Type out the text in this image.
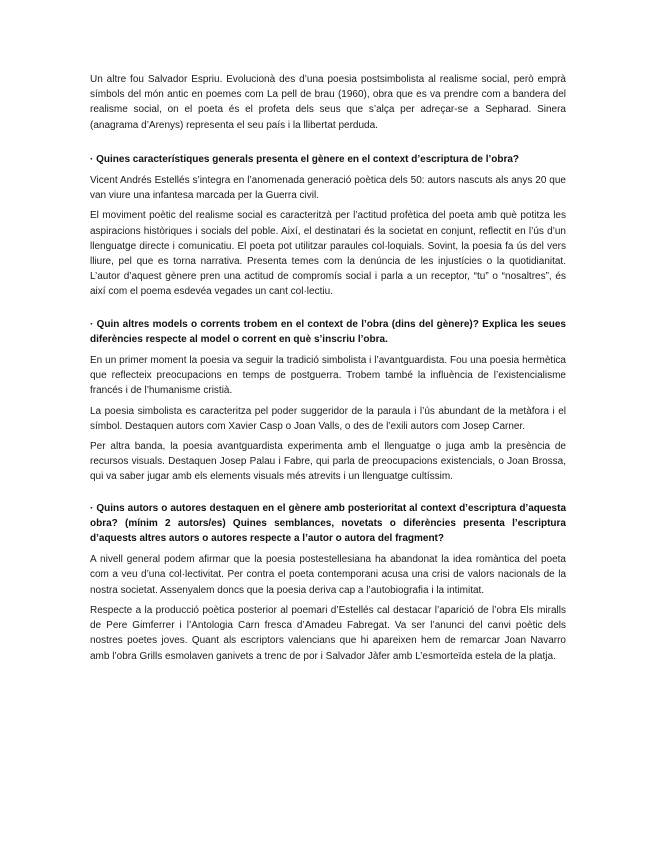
Un altre fou Salvador Espriu. Evolucionà des d’una poesia postsimbolista al realisme social, però emprà símbols del món antic en poemes com La pell de brau (1960), obra que es va prendre com a bandera del realisme social, on el poeta és el profeta dels seus que s’alça per adreçar-se a Sepharad. Sinera (anagrama d’Arenys) representa el seu país i la llibertat perduda.

· Quines característiques generals presenta el gènere en el context d’escriptura de l’obra?

Vicent Andrés Estellés s’integra en l’anomenada generació poètica dels 50: autors nascuts als anys 20 que van viure una infantesa marcada per la Guerra civil.

El moviment poètic del realisme social es caracteritzà per l’actitud profètica del poeta amb què potitza les aspiracions històriques i socials del poble. Així, el destinatari és la societat en conjunt, reflectit en l’ús d’un llenguatge directe i comunicatiu. El poeta pot utilitzar paraules col·loquials. Sovint, la poesia fa ús del vers lliure, pel que es torna narrativa. Presenta temes com la denúncia de les injustícies o la quotidianitat. L’autor d’aquest gènere pren una actitud de compromís social i parla a un receptor, “tu” o “nosaltres”, és així com el poema esdevéa vegades un cant col·lectiu.

· Quin altres models o corrents trobem en el context de l’obra (dins del gènere)? Explica les seues diferències respecte al model o corrent en què s’inscriu l’obra.

En un primer moment la poesia va seguir la tradició simbolista i l’avantguardista. Fou una poesia hermètica que reflecteix preocupacions en temps de postguerra. Trobem també la influència de l’existencialisme francés i de l’humanisme cristià.

La poesia simbolista es caracteritza pel poder suggeridor de la paraula i l’ús abundant de la metàfora i el símbol. Destaquen autors com Xavier Casp o Joan Valls, o des de l’exili autors com Josep Carner.

Per altra banda, la poesia avantguardista experimenta amb el llenguatge o juga amb la presència de recursos visuals. Destaquen Josep Palau i Fabre, qui parla de preocupacions existencials, o Joan Brossa, qui va saber jugar amb els elements visuals més atrevits i un llenguatge cultíssim.

· Quins autors o autores destaquen en el gènere amb posterioritat al context d’escriptura d’aquesta obra? (mínim 2 autors/es) Quines semblances, novetats o diferències presenta l’escriptura d’aquests altres autors o autores respecte a l’autor o autora del fragment?

A nivell general podem afirmar que la poesia postestellesiana ha abandonat la idea romàntica del poeta com a veu d’una col·lectivitat. Per contra el poeta contemporani acusa una crisi de valors nacionals de la nostra societat. Assenyalem doncs que la poesia deriva cap a l’autobiografia i la intimitat.

Respecte a la producció poètica posterior al poemari d’Estellés cal destacar l’aparició de l’obra Els miralls de Pere Gimferrer i l’Antologia Carn fresca d’Amadeu Fabregat. Va ser l’anunci del canvi poètic dels nostres poetes joves. Quant als escriptors valencians que hi apareixen hem de remarcar Joan Navarro amb l’obra Grills esmolaven ganivets a trenc de por i Salvador Jàfer amb L’esmorteïda estela de la platja.
